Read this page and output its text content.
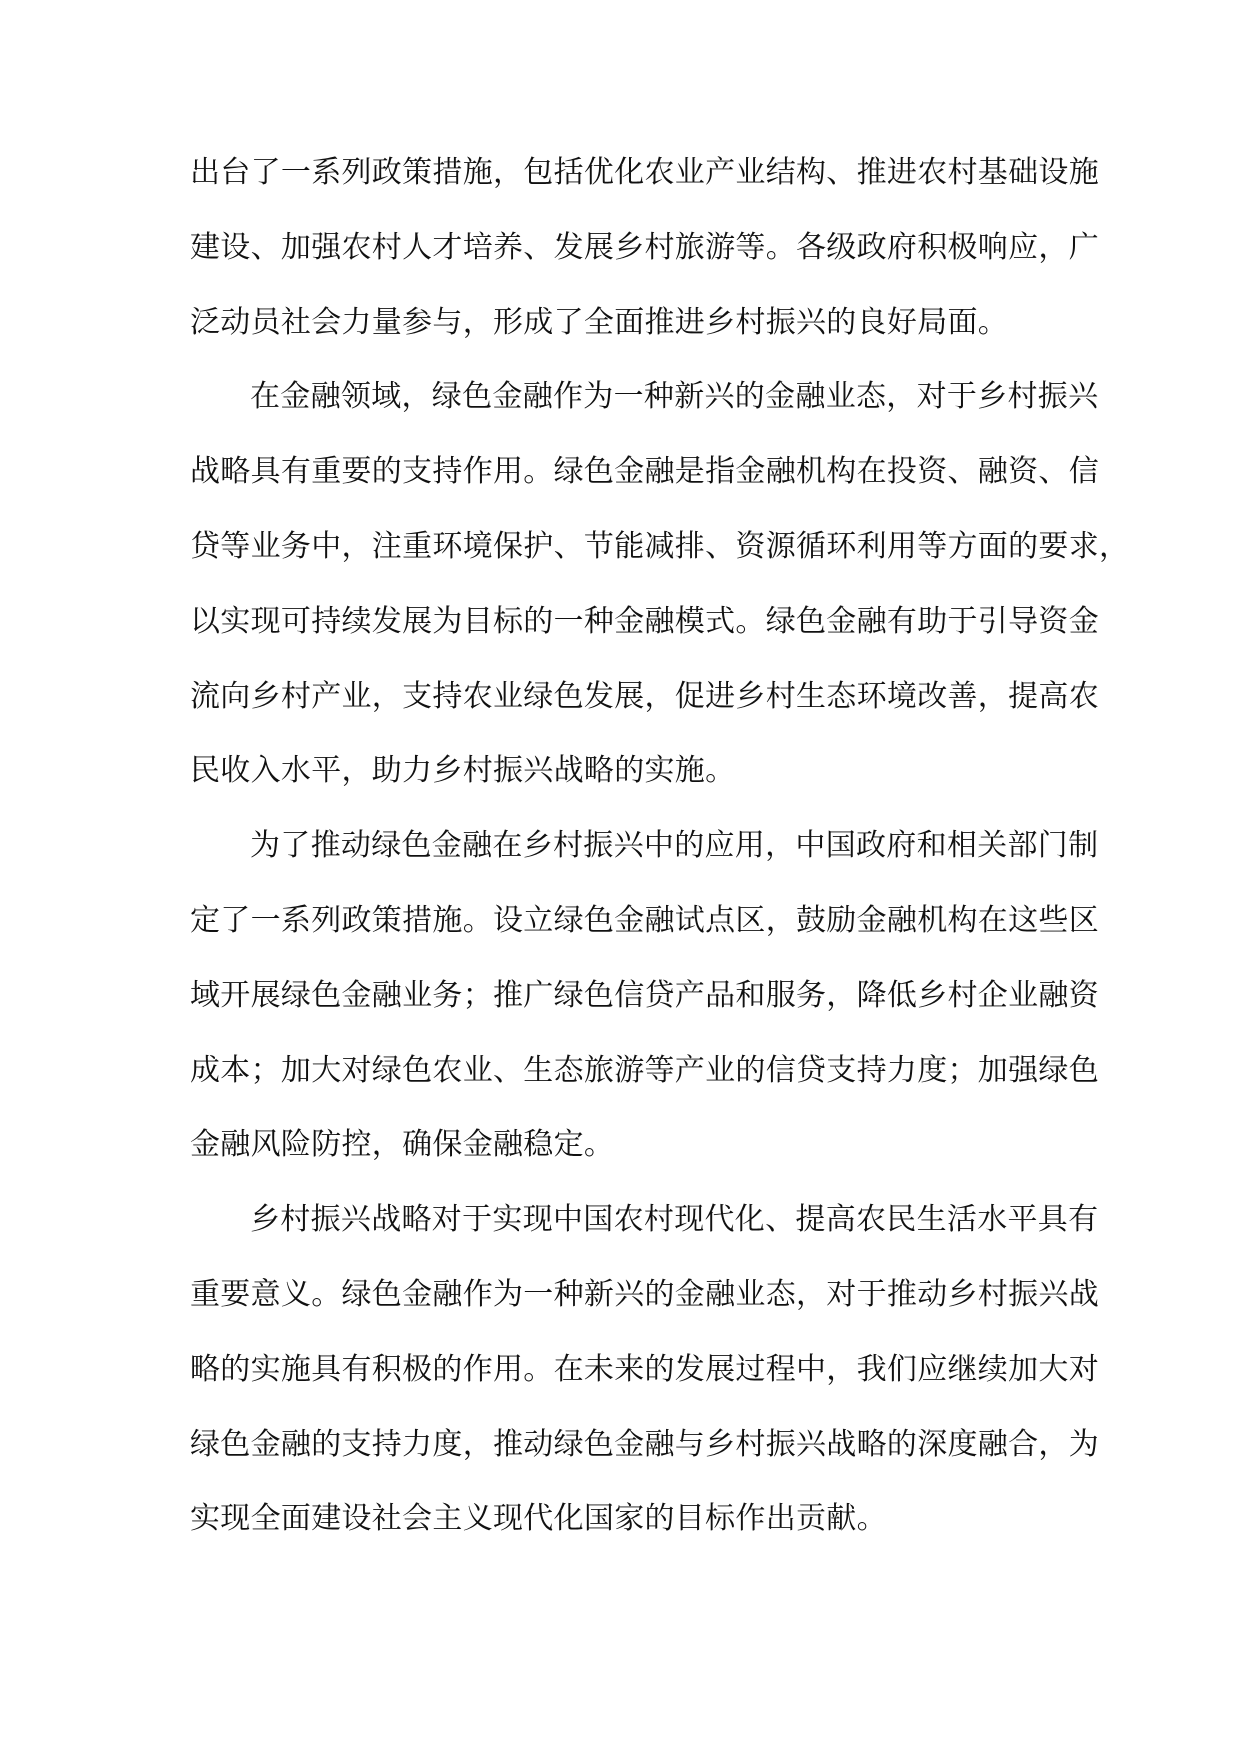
出台了一系列政策措施，包括优化农业产业结构、推进农村基础设施
建设、加强农村人才培养、发展乡村旅游等。各级政府积极响应，广
泛动员社会力量参与，形成了全面推进乡村振兴的良好局面。

在金融领域，绿色金融作为一种新兴的金融业态，对于乡村振兴
战略具有重要的支持作用。绿色金融是指金融机构在投资、融资、信
贷等业务中，注重环境保护、节能减排、资源循环利用等方面的要求，
以实现可持续发展为目标的一种金融模式。绿色金融有助于引导资金
流向乡村产业，支持农业绿色发展，促进乡村生态环境改善，提高农
民收入水平，助力乡村振兴战略的实施。

为了推动绿色金融在乡村振兴中的应用，中国政府和相关部门制
定了一系列政策措施。设立绿色金融试点区，鼓励金融机构在这些区
域开展绿色金融业务；推广绿色信贷产品和服务，降低乡村企业融资
成本；加大对绿色农业、生态旅游等产业的信贷支持力度；加强绿色
金融风险防控，确保金融稳定。

乡村振兴战略对于实现中国农村现代化、提高农民生活水平具有
重要意义。绿色金融作为一种新兴的金融业态，对于推动乡村振兴战
略的实施具有积极的作用。在未来的发展过程中，我们应继续加大对
绿色金融的支持力度，推动绿色金融与乡村振兴战略的深度融合，为
实现全面建设社会主义现代化国家的目标作出贡献。
